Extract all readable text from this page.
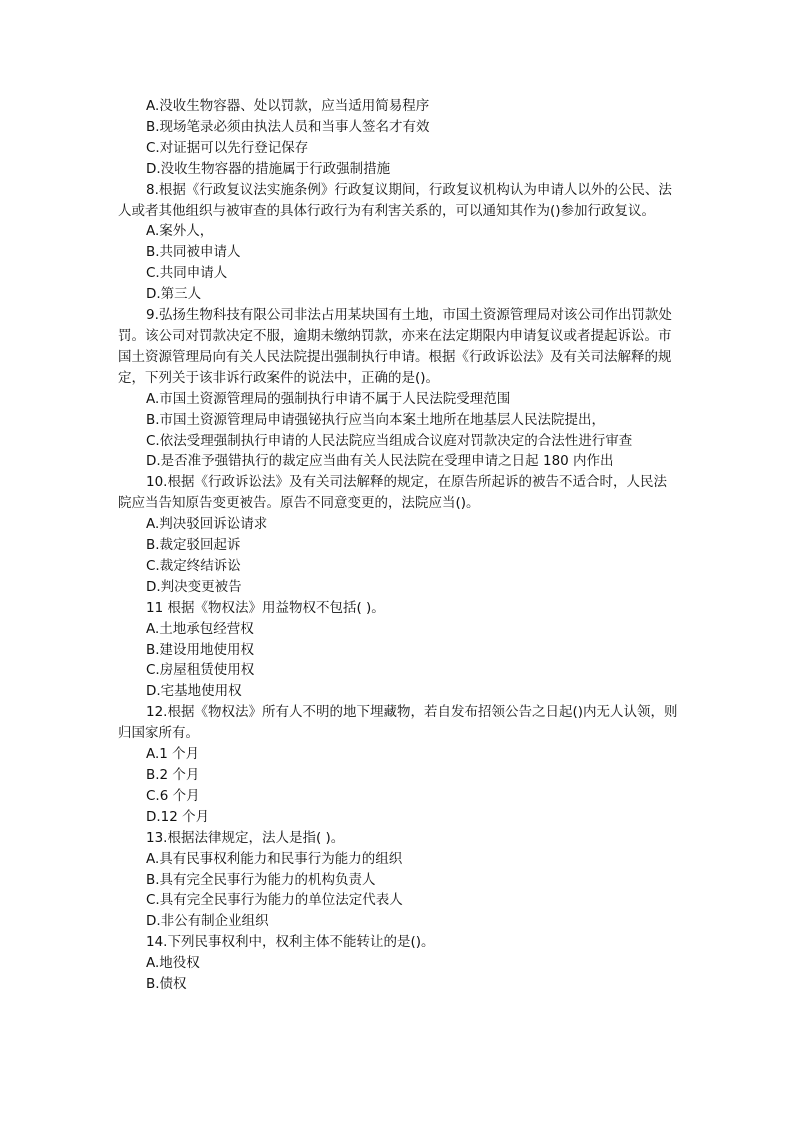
A.没收生物容器、处以罚款，应当适用简易程序

B.现场笔录必须由执法人员和当事人签名才有效

C.对证据可以先行登记保存

D.没收生物容器的措施属于行政强制措施

8.根据《行政复议法实施条例》行政复议期间，行政复议机构认为申请人以外的公民、法人或者其他组织与被审查的具体行政行为有利害关系的，可以通知其作为()参加行政复议。

A.案外人，

B.共同被申请人

C.共同申请人

D.第三人

9.弘扬生物科技有限公司非法占用某块国有土地，市国土资源管理局对该公司作出罚款处罚。该公司对罚款决定不服，逾期未缴纳罚款，亦来在法定期限内申请复议或者提起诉讼。市国土资源管理局向有关人民法院提出强制执行申请。根据《行政诉讼法》及有关司法解释的规定，下列关于该非诉行政案件的说法中，正确的是()。

A.市国土资源管理局的强制执行申请不属于人民法院受理范围

B.市国土资源管理局申请强铋执行应当向本案土地所在地基层人民法院提出，

C.依法受理强制执行申请的人民法院应当组成合议庭对罚款决定的合法性进行审查

D.是否准予强错执行的裁定应当曲有关人民法院在受理申请之日起 180 内作出

10.根据《行政诉讼法》及有关司法解释的规定，在原告所起诉的被告不适合时，人民法院应当告知原告变更被告。原告不同意变更的，法院应当()。

A.判决驳回诉讼请求

B.裁定驳回起诉

C.裁定终结诉讼

D.判决变更被告

11 根据《物权法》用益物权不包括( )。

A.土地承包经营权

B.建设用地使用权

C.房屋租赁使用权

D.宅基地使用权

12.根据《物权法》所有人不明的地下埋藏物，若自发布招领公告之日起()内无人认领，则归国家所有。

A.1 个月

B.2 个月

C.6 个月

D.12 个月

13.根据法律规定，法人是指( )。

A.具有民事权利能力和民事行为能力的组织

B.具有完全民事行为能力的机构负责人

C.具有完全民事行为能力的单位法定代表人

D.非公有制企业组织

14.下列民事权利中，权利主体不能转让的是()。

A.地役权

B.债权
